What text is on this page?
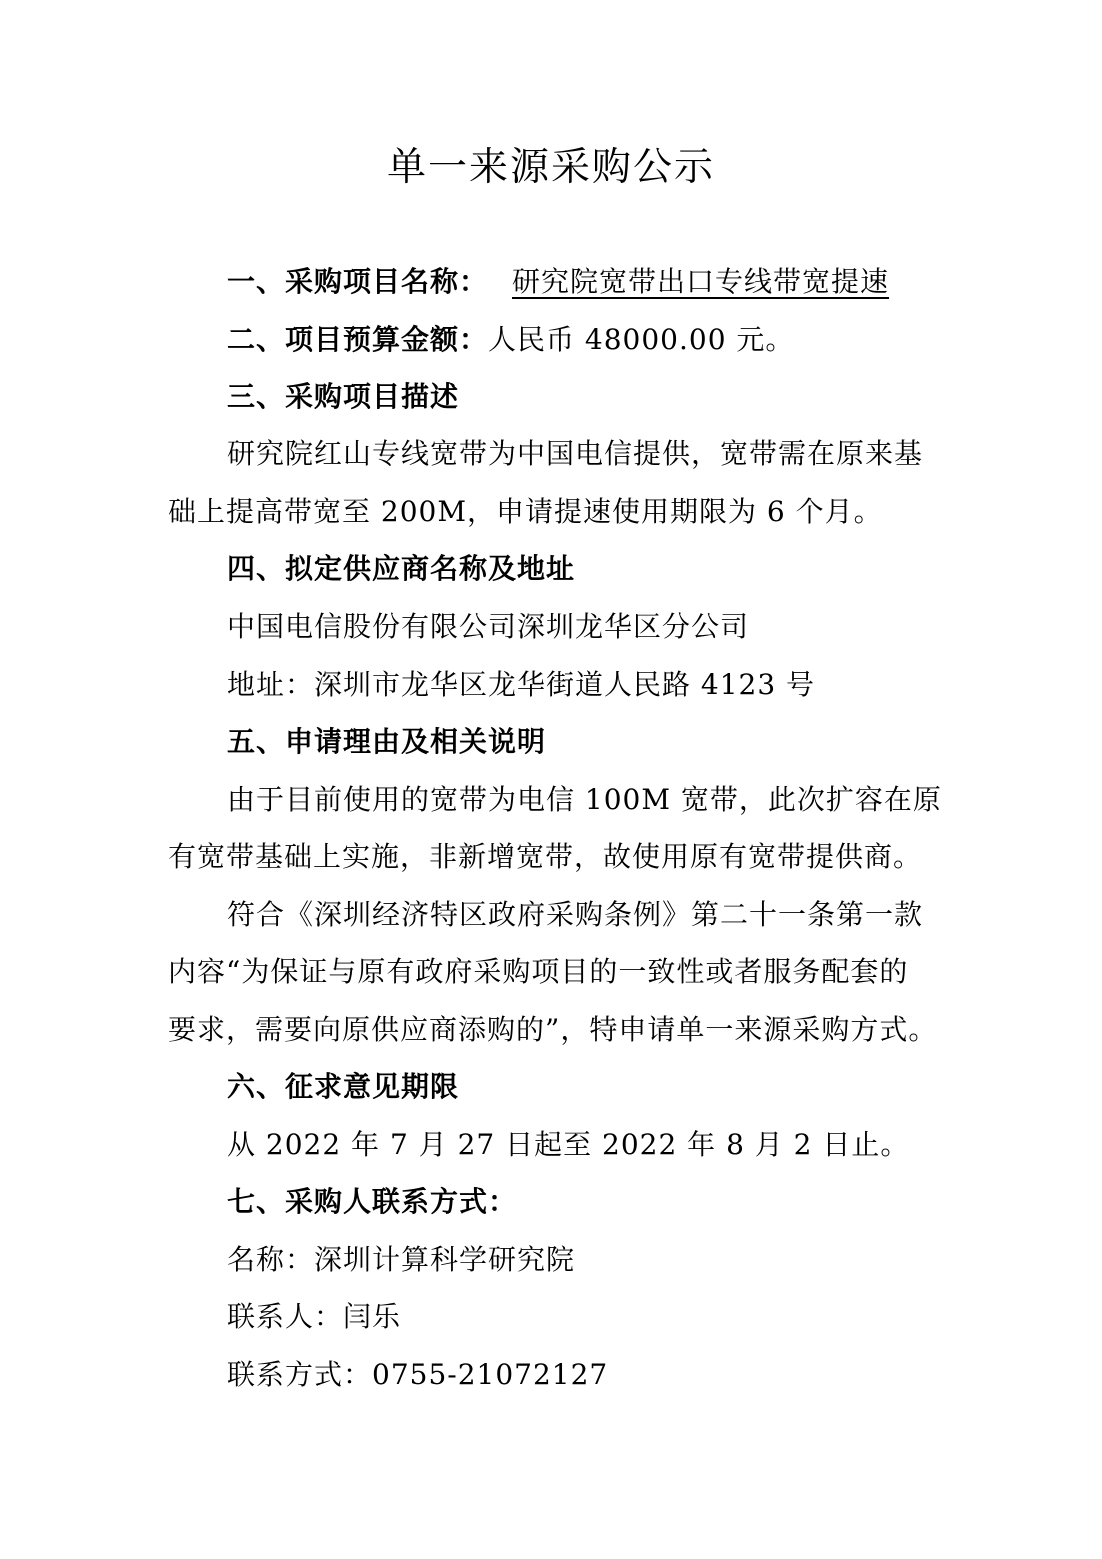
单一来源采购公示
一、采购项目名称： 研究院宽带出口专线带宽提速
二、项目预算金额：人民币 48000.00 元。
三、采购项目描述
研究院红山专线宽带为中国电信提供，宽带需在原来基
础上提高带宽至 200M，申请提速使用期限为 6 个月。
四、拟定供应商名称及地址
中国电信股份有限公司深圳龙华区分公司
地址：深圳市龙华区龙华街道人民路 4123 号
五、申请理由及相关说明
由于目前使用的宽带为电信 100M 宽带，此次扩容在原
有宽带基础上实施，非新增宽带，故使用原有宽带提供商。
符合《深圳经济特区政府采购条例》第二十一条第一款
内容“为保证与原有政府采购项目的一致性或者服务配套的
要求，需要向原供应商添购的”，特申请单一来源采购方式。
六、征求意见期限
从 2022 年 7 月 27 日起至 2022 年 8 月 2 日止。
七、采购人联系方式：
名称：深圳计算科学研究院
联系人：闫乐
联系方式：0755-21072127
